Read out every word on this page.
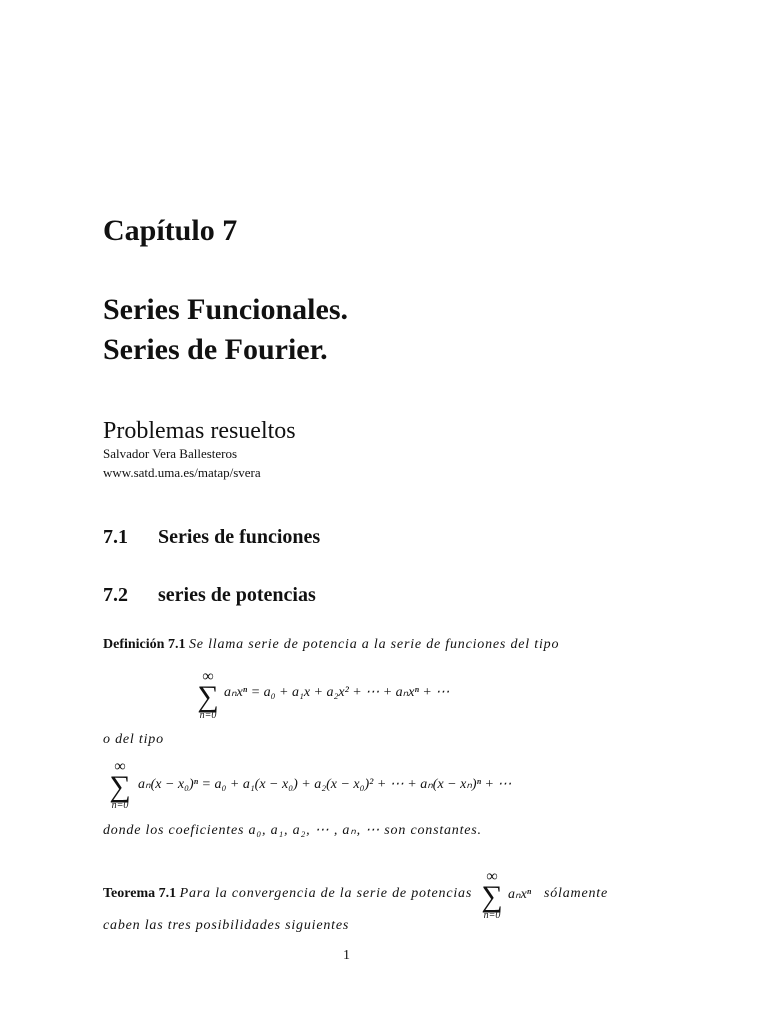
Capítulo 7
Series Funcionales.
Series de Fourier.
Problemas resueltos
Salvador Vera Ballesteros
www.satd.uma.es/matap/svera
7.1 Series de funciones
7.2 series de potencias
Definición 7.1 Se llama serie de potencia a la serie de funciones del tipo
∞
∑
n=0
aₙxⁿ = a₀ + a₁x + a₂x² + ⋯ + aₙxⁿ + ⋯
o del tipo
∞
∑
n=0
aₙ(x − x₀)ⁿ = a₀ + a₁(x − x₀) + a₂(x − x₀)² + ⋯ + aₙ(x − xₙ)ⁿ + ⋯
donde los coeficientes a₀, a₁, a₂, ⋯ , aₙ, ⋯ son constantes.
Teorema 7.1 Para la convergencia de la serie de potencias
∞
∑
n=0
aₙxⁿ sólamente
caben las tres posibilidades siguientes
1
